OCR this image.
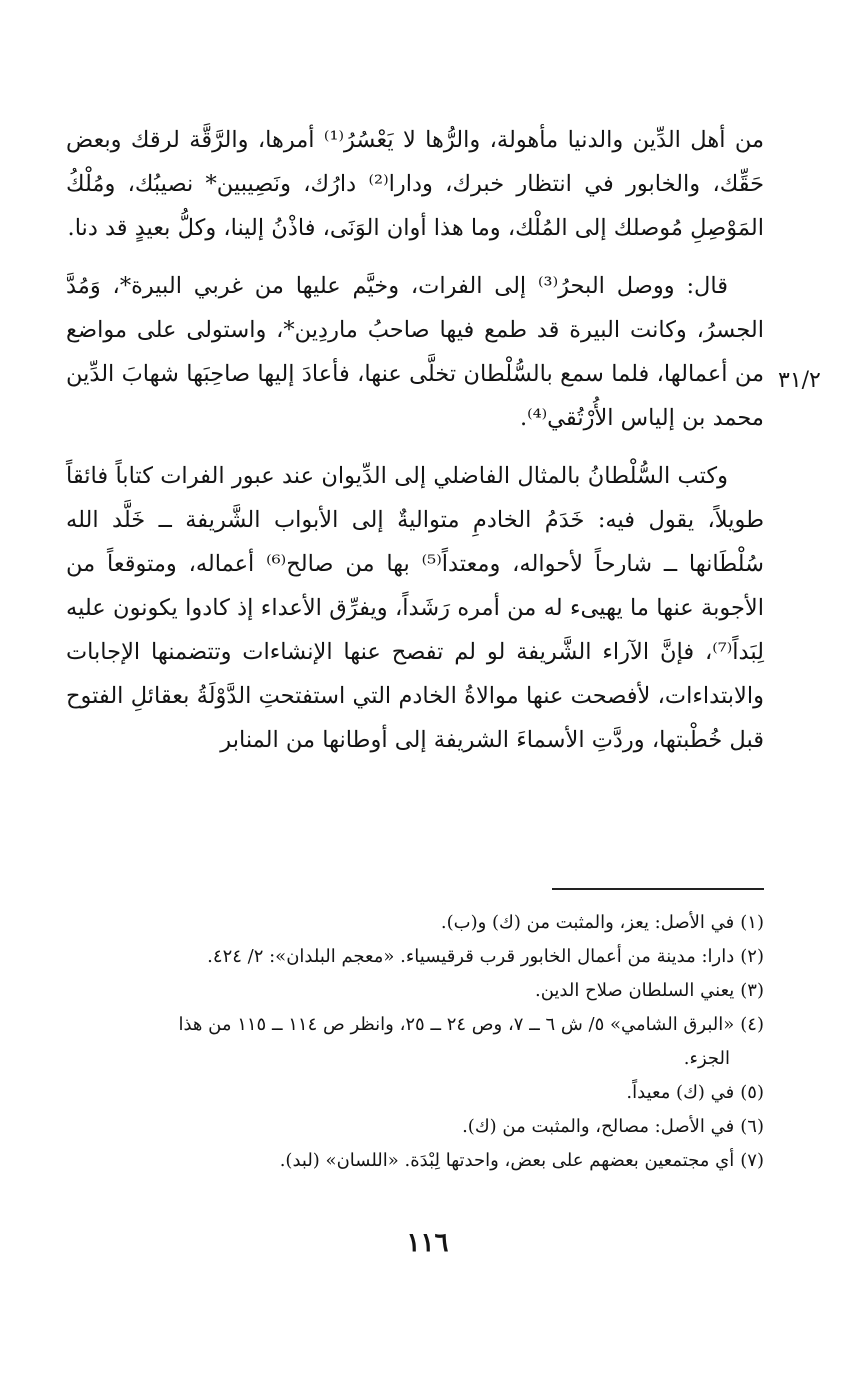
من أهل الدِّين والدنيا مأهولة، والرُّها لا يَعْسُرُ⁽¹⁾ أمرها، والرَّقَّة لرقك وبعض حَقِّك، والخابور في انتظار خبرك، ودارا⁽²⁾ دارُك، ونَصِيبين* نصيبُك، ومُلْكُ المَوْصِلِ مُوصلك إلى المُلْك، وما هذا أوان الوَنَى، فاذْنُ إلينا، وكلُّ بعيدٍ قد دنا.

قال: ووصل البحرُ⁽³⁾ إلى الفرات، وخيَّم عليها من غربي البيرة*، وَمُدَّ الجسرُ، وكانت البيرة قد طمع فيها صاحبُ ماردِين*، واستولى على مواضع من أعمالها، فلما سمع بالسُّلْطان تخلَّى عنها، فأعادَ إليها صاحِبَها شهابَ الدِّين محمد بن إلياس الأُرْتُقي⁽⁴⁾.

وكتب السُّلْطانُ بالمثال الفاضلي إلى الدِّيوان عند عبور الفرات كتاباً فائقاً طويلاً، يقول فيه: خَدَمُ الخادمِ متواليةٌ إلى الأبواب الشَّريفة ــ خَلَّد الله سُلْطَانها ــ شارحاً لأحواله، ومعتداً⁽⁵⁾ بها من صالح⁽⁶⁾ أعماله، ومتوقعاً من الأجوبة عنها ما يهيىء له من أمره رَشَداً، ويفرِّق الأعداء إذ كادوا يكونون عليه لِبَداً⁽⁷⁾، فإنَّ الآراء الشَّريفة لو لم تفصح عنها الإنشاءات وتتضمنها الإجابات والابتداءات، لأفصحت عنها موالاةُ الخادم التي استفتحتِ الدَّوْلَةُ بعقائلِ الفتوح قبل خُطْبتها، وردَّتِ الأسماءَ الشريفة إلى أوطانها من المنابر

٣١/٢

(١)في الأصل: يعز، والمثبت من (ك) و(ب).

(٢)دارا: مدينة من أعمال الخابور قرب قرقيسياء. «معجم البلدان»: ٢/ ٤٢٤.

(٣)يعني السلطان صلاح الدين.

(٤)«البرق الشامي» ٥/ ش ٦ ــ ٧، وص ٢٤ ــ ٢٥، وانظر ص ١١٤ ــ ١١٥ من هذا

الجزء.

(٥)في (ك) معيداً.

(٦)في الأصل: مصالح، والمثبت من (ك).

(٧)أي مجتمعين بعضهم على بعض، واحدتها لِبْدَة. «اللسان» (لبد).

١١٦
